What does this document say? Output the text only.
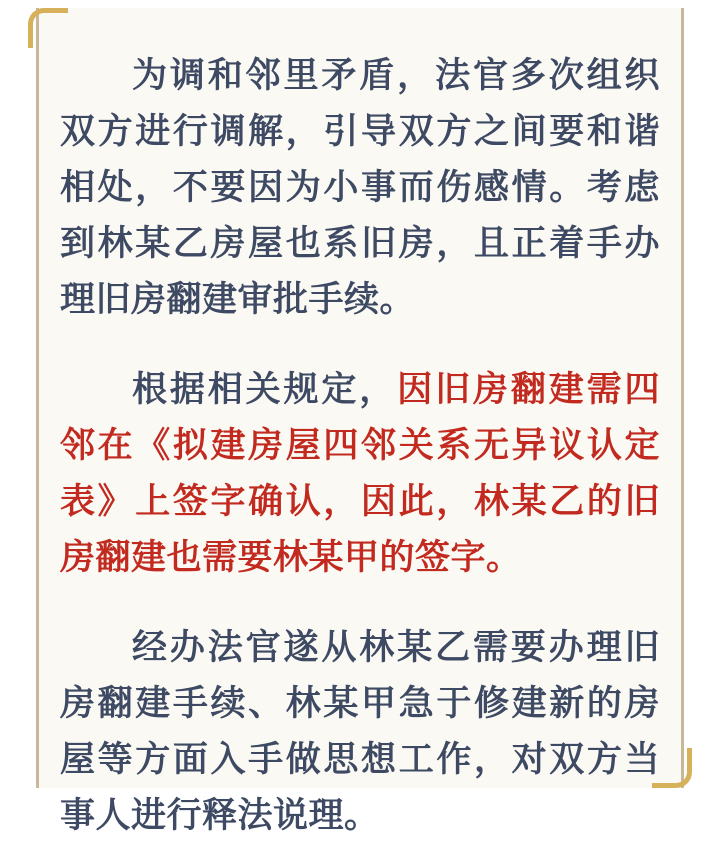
为调和邻里矛盾，法官多次组织双方进行调解，引导双方之间要和谐相处，不要因为小事而伤感情。考虑到林某乙房屋也系旧房，且正着手办理旧房翻建审批手续。

根据相关规定，因旧房翻建需四邻在《拟建房屋四邻关系无异议认定表》上签字确认，因此，林某乙的旧房翻建也需要林某甲的签字。

经办法官遂从林某乙需要办理旧房翻建手续、林某甲急于修建新的房屋等方面入手做思想工作，对双方当事人进行释法说理。
